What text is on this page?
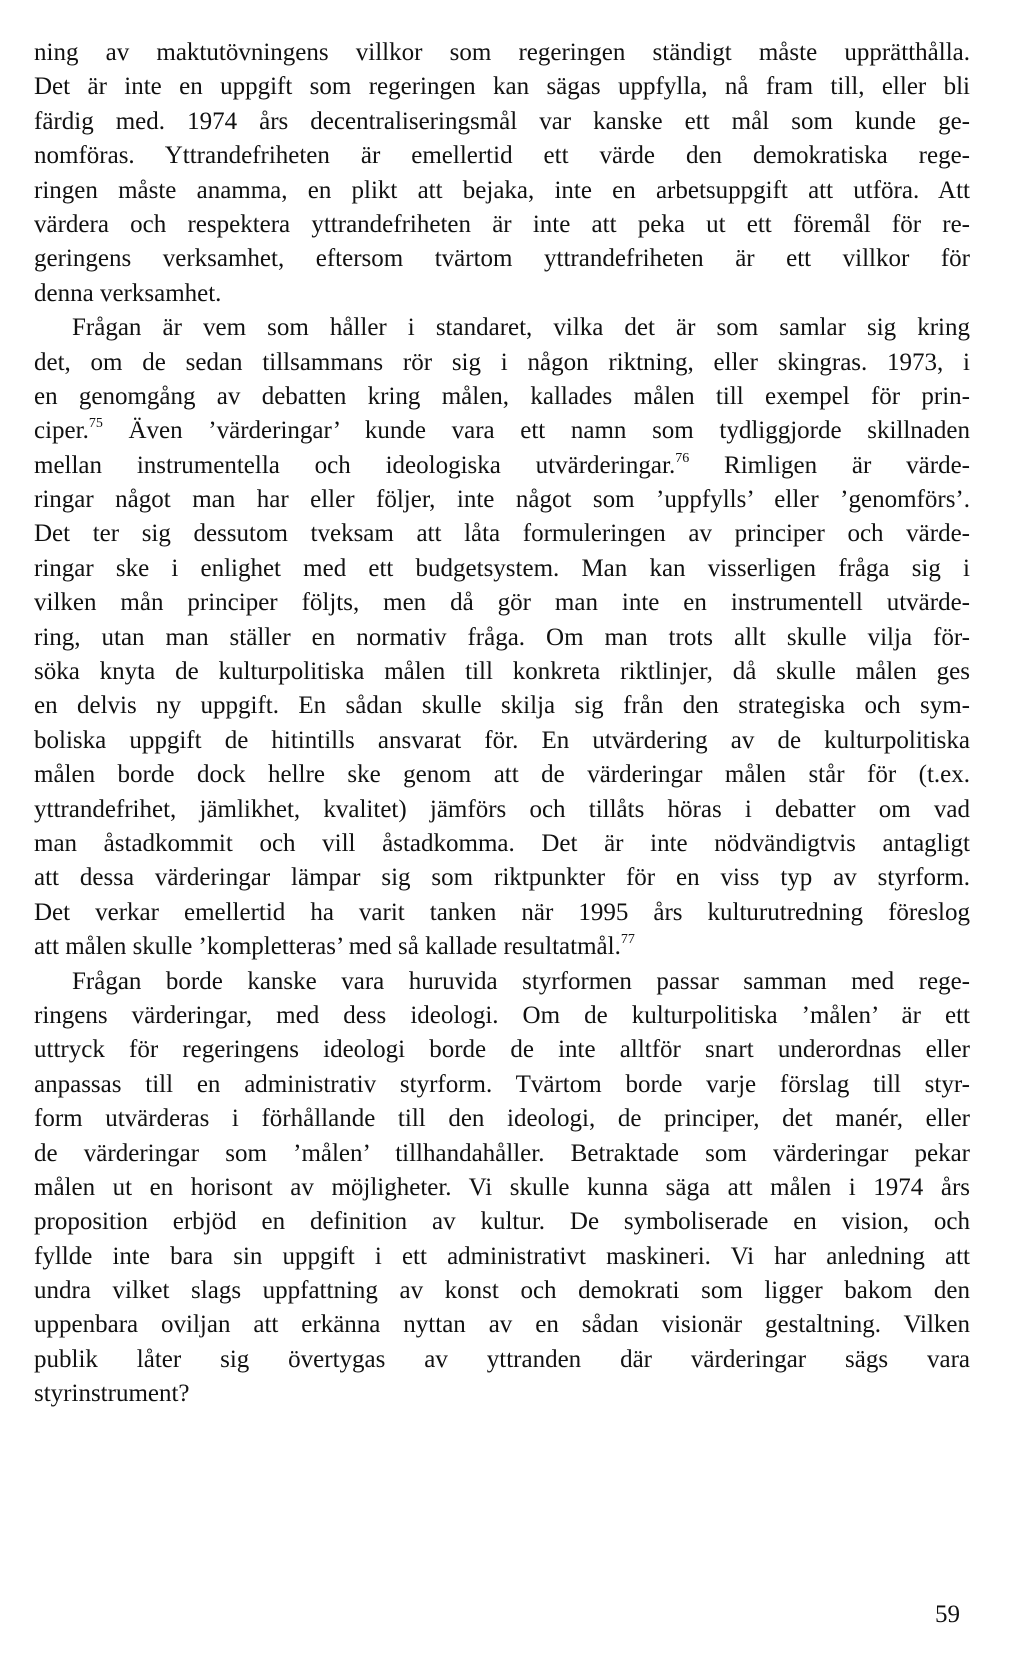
ning av maktutövningens villkor som regeringen ständigt måste upprätthålla.
Det är inte en uppgift som regeringen kan sägas uppfylla, nå fram till, eller bli
färdig med. 1974 års decentraliseringsmål var kanske ett mål som kunde ge-
nomföras. Yttrandefriheten är emellertid ett värde den demokratiska rege-
ringen måste anamma, en plikt att bejaka, inte en arbetsuppgift att utföra. Att
värdera och respektera yttrandefriheten är inte att peka ut ett föremål för re-
geringens verksamhet, eftersom tvärtom yttrandefriheten är ett villkor för
denna verksamhet.
Frågan är vem som håller i standaret, vilka det är som samlar sig kring
det, om de sedan tillsammans rör sig i någon riktning, eller skingras. 1973, i
en genomgång av debatten kring målen, kallades målen till exempel för prin-
ciper.$^{75}$ Även ’värderingar’ kunde vara ett namn som tydliggjorde skillnaden
mellan instrumentella och ideologiska utvärderingar.$^{76}$ Rimligen är värde-
ringar något man har eller följer, inte något som ’uppfylls’ eller ’genomförs’.
Det ter sig dessutom tveksam att låta formuleringen av principer och värde-
ringar ske i enlighet med ett budgetsystem. Man kan visserligen fråga sig i
vilken mån principer följts, men då gör man inte en instrumentell utvärde-
ring, utan man ställer en normativ fråga. Om man trots allt skulle vilja för-
söka knyta de kulturpolitiska målen till konkreta riktlinjer, då skulle målen ges
en delvis ny uppgift. En sådan skulle skilja sig från den strategiska och sym-
boliska uppgift de hitintills ansvarat för. En utvärdering av de kulturpolitiska
målen borde dock hellre ske genom att de värderingar målen står för (t.ex.
yttrandefrihet, jämlikhet, kvalitet) jämförs och tillåts höras i debatter om vad
man åstadkommit och vill åstadkomma. Det är inte nödvändigtvis antagligt
att dessa värderingar lämpar sig som riktpunkter för en viss typ av styrform.
Det verkar emellertid ha varit tanken när 1995 års kulturutredning föreslog
att målen skulle ’kompletteras’ med så kallade resultatmål.$^{77}$
Frågan borde kanske vara huruvida styrformen passar samman med rege-
ringens värderingar, med dess ideologi. Om de kulturpolitiska ’målen’ är ett
uttryck för regeringens ideologi borde de inte alltför snart underordnas eller
anpassas till en administrativ styrform. Tvärtom borde varje förslag till styr-
form utvärderas i förhållande till den ideologi, de principer, det manér, eller
de värderingar som ’målen’ tillhandahåller. Betraktade som värderingar pekar
målen ut en horisont av möjligheter. Vi skulle kunna säga att målen i 1974 års
proposition erbjöd en definition av kultur. De symboliserade en vision, och
fyllde inte bara sin uppgift i ett administrativt maskineri. Vi har anledning att
undra vilket slags uppfattning av konst och demokrati som ligger bakom den
uppenbara oviljan att erkänna nyttan av en sådan visionär gestaltning. Vilken
publik låter sig övertygas av yttranden där värderingar sägs vara
styrinstrument?
59
